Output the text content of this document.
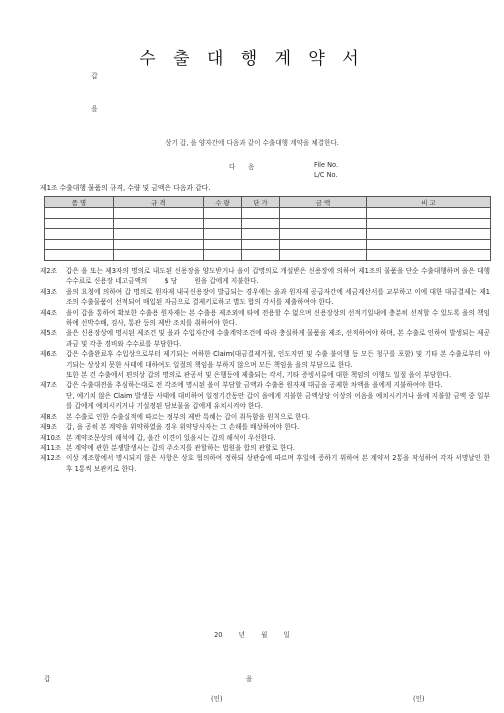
수 출 대 행 계 약 서
갑
을
상기 갑, 을 양자간에 다음과 같이 수출대행 계약을 체결한다.
다      음	File No.
L/C No.
제1조 수출대행 물품의 규격, 수량 및 금액은 다음과 같다.
품 명	규 격	수 량	단 가	금 액	비 고

제2조	갑은 을 또는 제3자의 명의로 내도된 신용장을 양도받거나 을이 갑명의로 개설받은 신용장에 의하여 제1조의 물품을 단순 수출대행하며 을은 대행수수료로 신용장 네고금액의        $ 당        원을 갑에게 지불한다.
제3조	을의 요청에 의하여 갑 명의로 원자재 내국신용장이 발급되는 경우에는 을과 원자재 공급자간에 세금계산서를 교부하고 이에 대한 대금결제는 제1조의 수출물품이 선적되어 매입된 자금으로 결제키로하고 별도 합의 각서를 제출하여야 한다.
제4조	을이 갑을 통하여 확보한 수출용 원자재는 본 수출용 제조외에 타에 전용할 수 없으며 신용장상의 선적기일내에 충분히 선적할 수 있도록 을의 책임하에 선박수배, 검사, 통관 등의 제반 조치를 취하여야 한다.
제5조	을은 신용장상에 명시된 제조건 및 을과 수입자간에 수출계약조건에 따라 충실하게 물품을 제조, 선적하여야 하며, 본 수출로 인하여 발생되는 제공과금 및 각종 경비와 수수료를 부담한다.
제6조	갑은 수출완료후 수입상으로부터 제기되는 여하한 Claim(대금결제거절, 인도지연 및 수출 불이행 등 모든 청구를 포함) 및 기타 본 수출로부터 야기되는 상상치 못한 사태에 대하여도 일절의 책임을 부하지 않으며 모든 책임을 을의 부담으로 한다.
또한 본 건 수출에서 편의상 갑의 명의로 관공서 및 은행등에 제출되는 각서, 기타 증빙서류에 대한 책임의 이행도 일절 을이 부담한다.
제7조	갑은 수출대전을 추심하는대로 전 각조에 명시된 을이 부담할 금액과 수출용 원자재 대금을 공제한 차액을 을에게 지불하여야 한다.
단, 예기치 않은 Claim 발생등 사태에 대비하여 일정기간동안 갑이 을에게 지불한 금액상당 이상의 어음을 예치시키거나 을에 지불할 금액 중 일부를 갑에게 예치시키거나 기설정된 담보물을 갑에게 유치시켜야 한다.
제8조	본 수출로 인한 수출실적에 따르는 정부의 제반 특혜는 갑이 취득함을 원칙으로 한다.
제9조	갑, 을 공히 본 계약을 위약하였을 경우 위약당사자는 그 손해를 배상하여야 한다.
제10조 본 계약조문상의 해석에 갑, 을간 이견이 있을시는 갑의 해석이 우선한다.
제11조 본 계약에 관한 분쟁발생시는 갑의 주소지를 관할하는 법원을 합의 관할로 한다.
제12조 이상 계조항에서 명시되지 않은 사항은 상호 협의하여 정하되 상관습에 따르며 후일에 증하기 위하여 본 계약서 2통을 작성하여 각자 서명날인 한 후 1통씩 보관키로 한다.
20 년 월 일
갑	을
(인)	(인)
